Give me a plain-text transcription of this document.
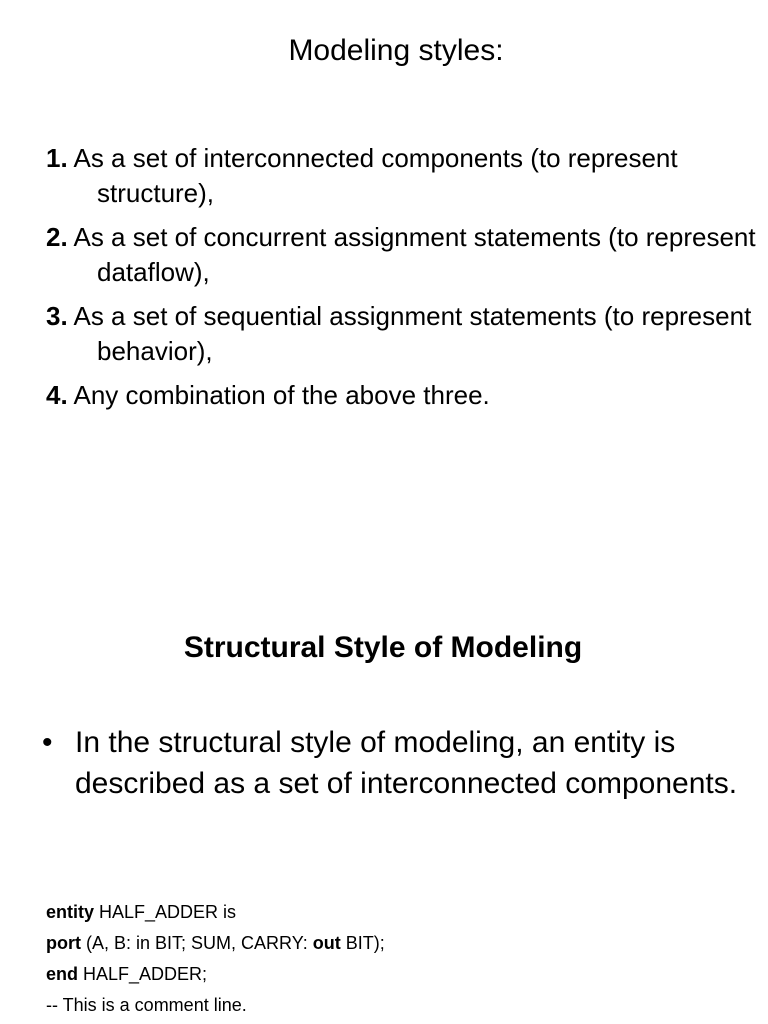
Modeling styles:
1. As a set of interconnected components (to represent structure),
2. As a set of concurrent assignment statements (to represent dataflow),
3. As a set of sequential assignment statements (to represent behavior),
4. Any combination of the above three.
Structural Style of Modeling
• In the structural style of modeling, an entity is described as a set of interconnected components.
entity HALF_ADDER is
port (A, B: in BIT; SUM, CARRY: out BIT);
end HALF_ADDER;
-- This is a comment line.
